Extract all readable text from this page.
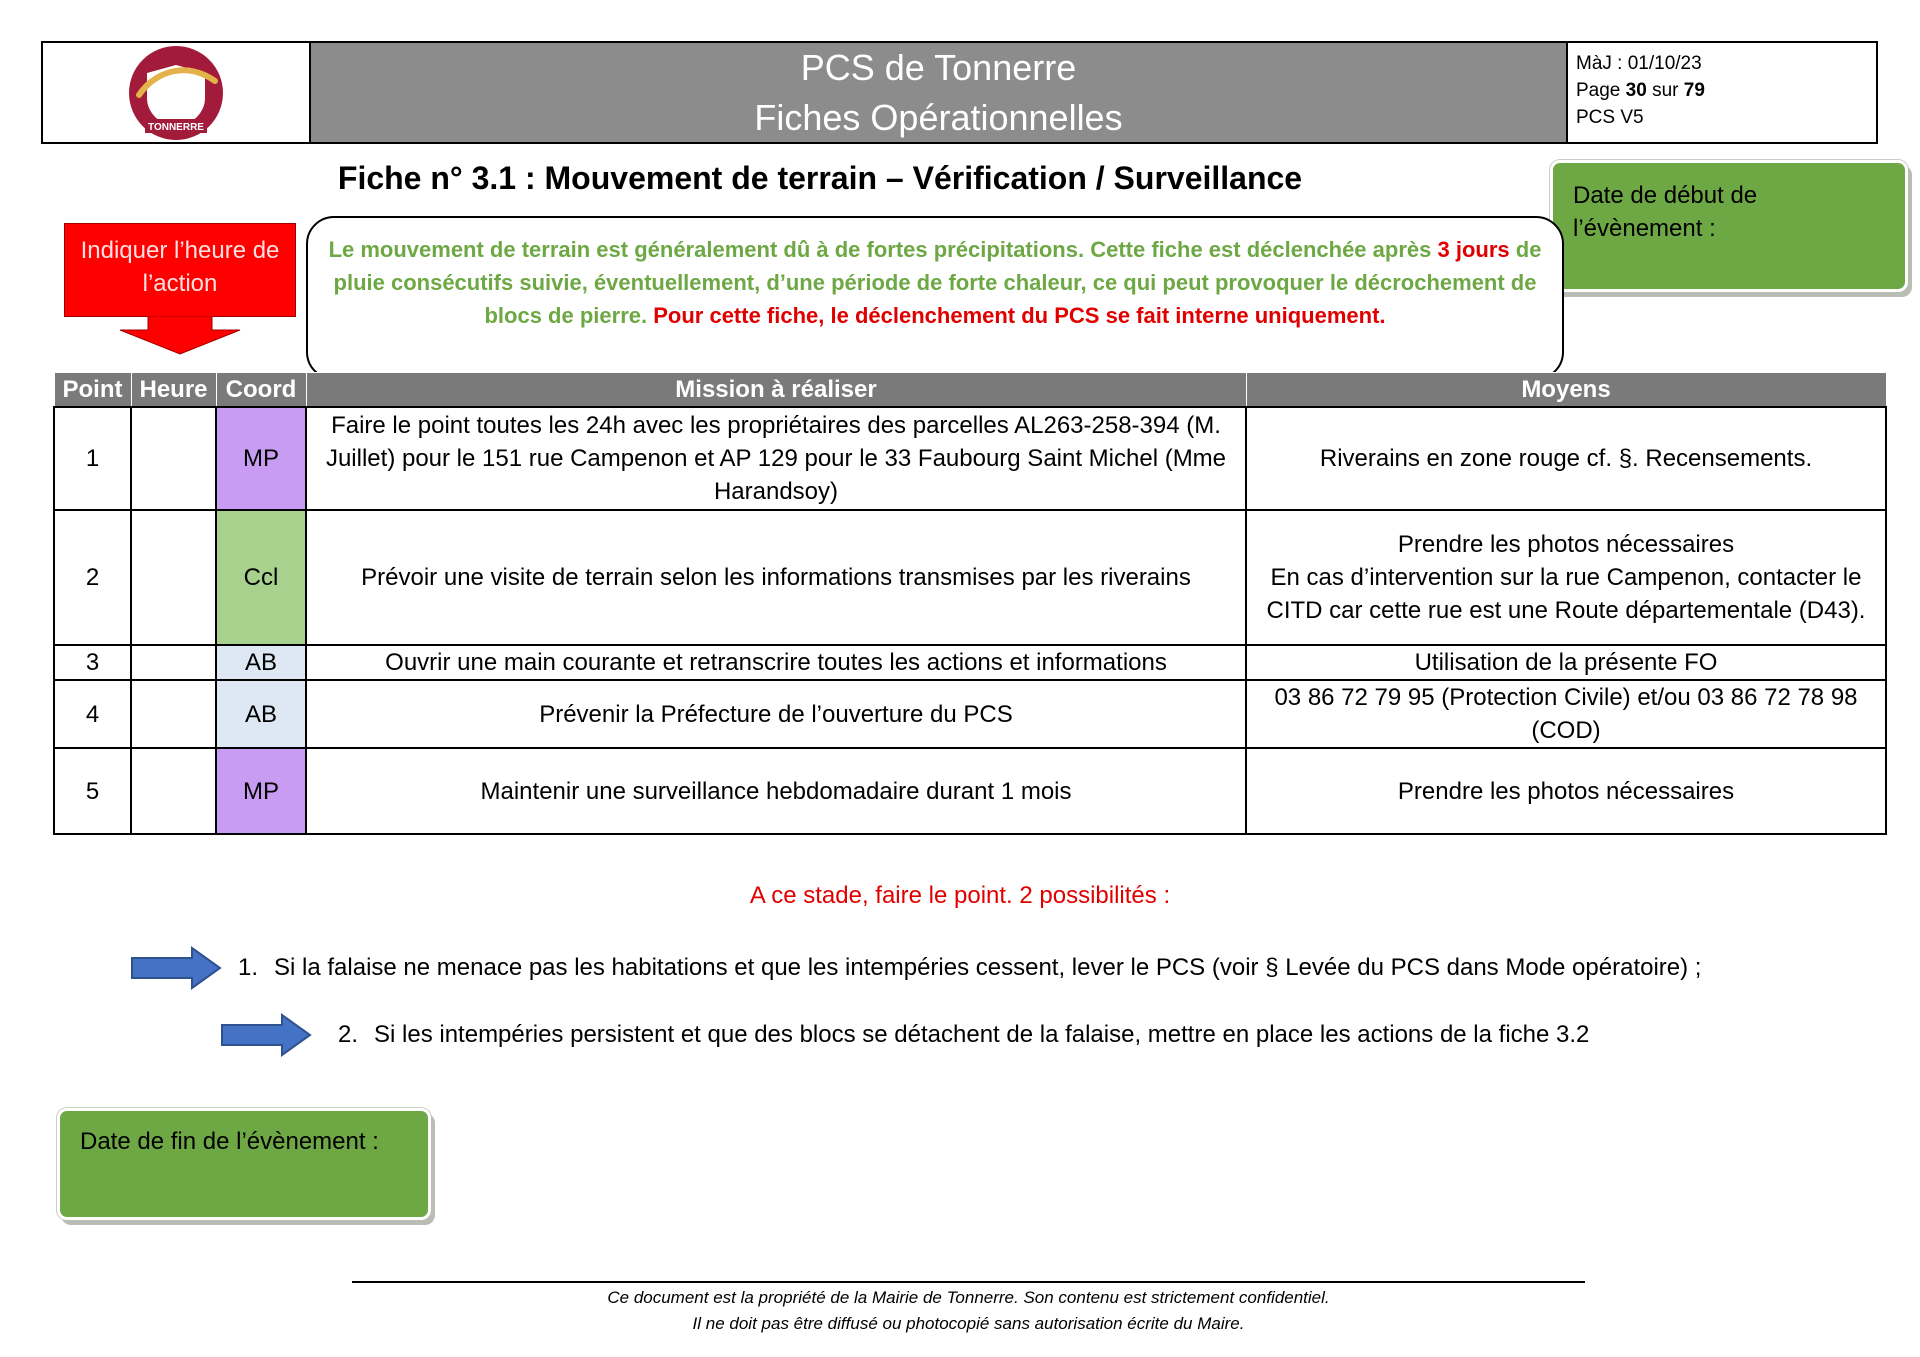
TONNERRE
PCS de Tonnerre
Fiches Opérationnelles
MàJ : 01/10/23
Page 30 sur 79
PCS V5
Fiche n° 3.1 : Mouvement de terrain – Vérification / Surveillance	Date de début de l’évènement :
Indiquer l’heure de l’action
Le mouvement de terrain est généralement dû à de fortes précipitations. Cette fiche est déclenchée après 3 jours de pluie consécutifs suivie, éventuellement, d’une période de forte chaleur, ce qui peut provoquer le décrochement de blocs de pierre. Pour cette fiche, le déclenchement du PCS se fait interne uniquement.
Point	Heure	Coord	Mission à réaliser	Moyens
1		MP	Faire le point toutes les 24h avec les propriétaires des parcelles AL263-258-394 (M. Juillet) pour le 151 rue Campenon et AP 129 pour le 33 Faubourg Saint Michel (Mme Harandsoy)	Riverains en zone rouge cf. §. Recensements.
2		Ccl	Prévoir une visite de terrain selon les informations transmises par les riverains	Prendre les photos nécessaires
En cas d’intervention sur la rue Campenon, contacter le CITD car cette rue est une Route départementale (D43).

3		AB	Ouvrir une main courante et retranscrire toutes les actions et informations	Utilisation de la présente FO
4		AB	Prévenir la Préfecture de l’ouverture du PCS	03 86 72 79 95 (Protection Civile) et/ou 03 86 72 78 98 (COD)
5		MP	Maintenir une surveillance hebdomadaire durant 1 mois	Prendre les photos nécessaires
A ce stade, faire le point. 2 possibilités :
1. Si la falaise ne menace pas les habitations et que les intempéries cessent, lever le PCS (voir § Levée du PCS dans Mode opératoire) ;
2. Si les intempéries persistent et que des blocs se détachent de la falaise, mettre en place les actions de la fiche 3.2
Date de fin de l’évènement :
Ce document est la propriété de la Mairie de Tonnerre. Son contenu est strictement confidentiel.
Il ne doit pas être diffusé ou photocopié sans autorisation écrite du Maire.
